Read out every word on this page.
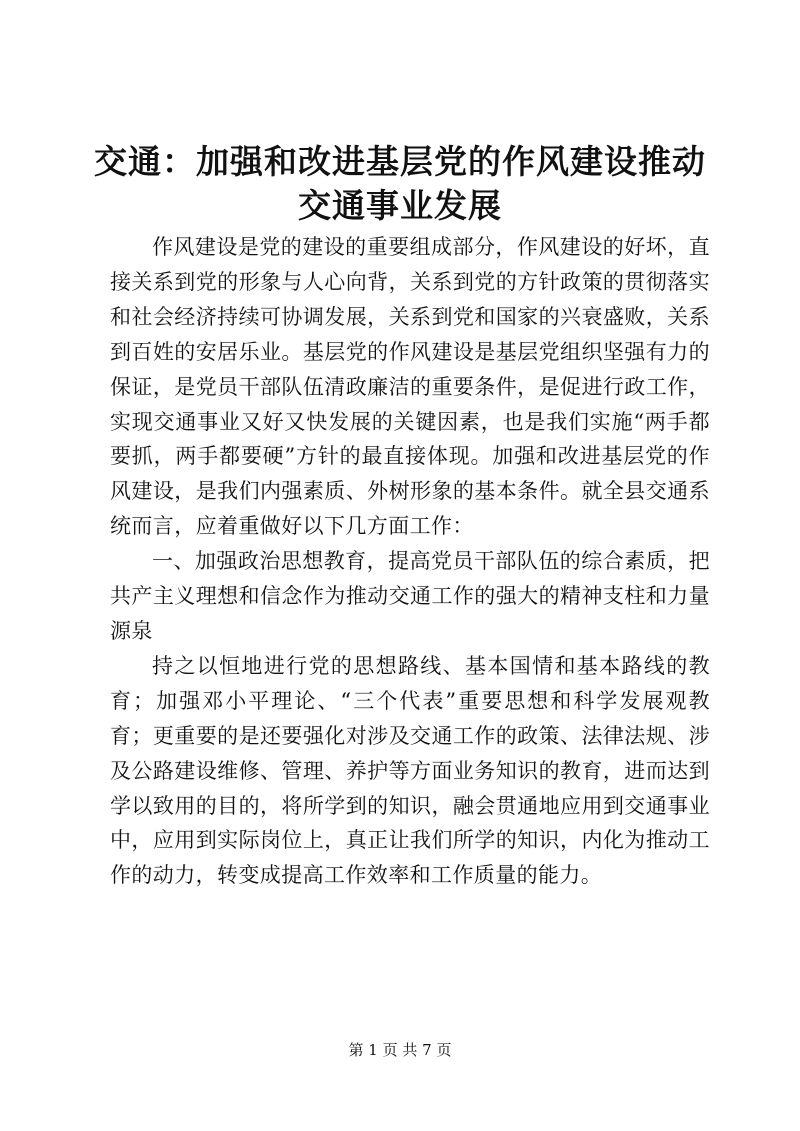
交通：加强和改进基层党的作风建设推动交通事业发展

作风建设是党的建设的重要组成部分，作风建设的好坏，直接关系到党的形象与人心向背，关系到党的方针政策的贯彻落实和社会经济持续可协调发展，关系到党和国家的兴衰盛败，关系到百姓的安居乐业。基层党的作风建设是基层党组织坚强有力的保证，是党员干部队伍清政廉洁的重要条件，是促进行政工作，实现交通事业又好又快发展的关键因素，也是我们实施“两手都要抓，两手都要硬”方针的最直接体现。加强和改进基层党的作风建设，是我们内强素质、外树形象的基本条件。就全县交通系统而言，应着重做好以下几方面工作：

一、加强政治思想教育，提高党员干部队伍的综合素质，把共产主义理想和信念作为推动交通工作的强大的精神支柱和力量源泉

持之以恒地进行党的思想路线、基本国情和基本路线的教育；加强邓小平理论、“三个代表”重要思想和科学发展观教育；更重要的是还要强化对涉及交通工作的政策、法律法规、涉及公路建设维修、管理、养护等方面业务知识的教育，进而达到学以致用的目的，将所学到的知识，融会贯通地应用到交通事业中，应用到实际岗位上，真正让我们所学的知识，内化为推动工作的动力，转变成提高工作效率和工作质量的能力。

第 1 页 共 7 页
